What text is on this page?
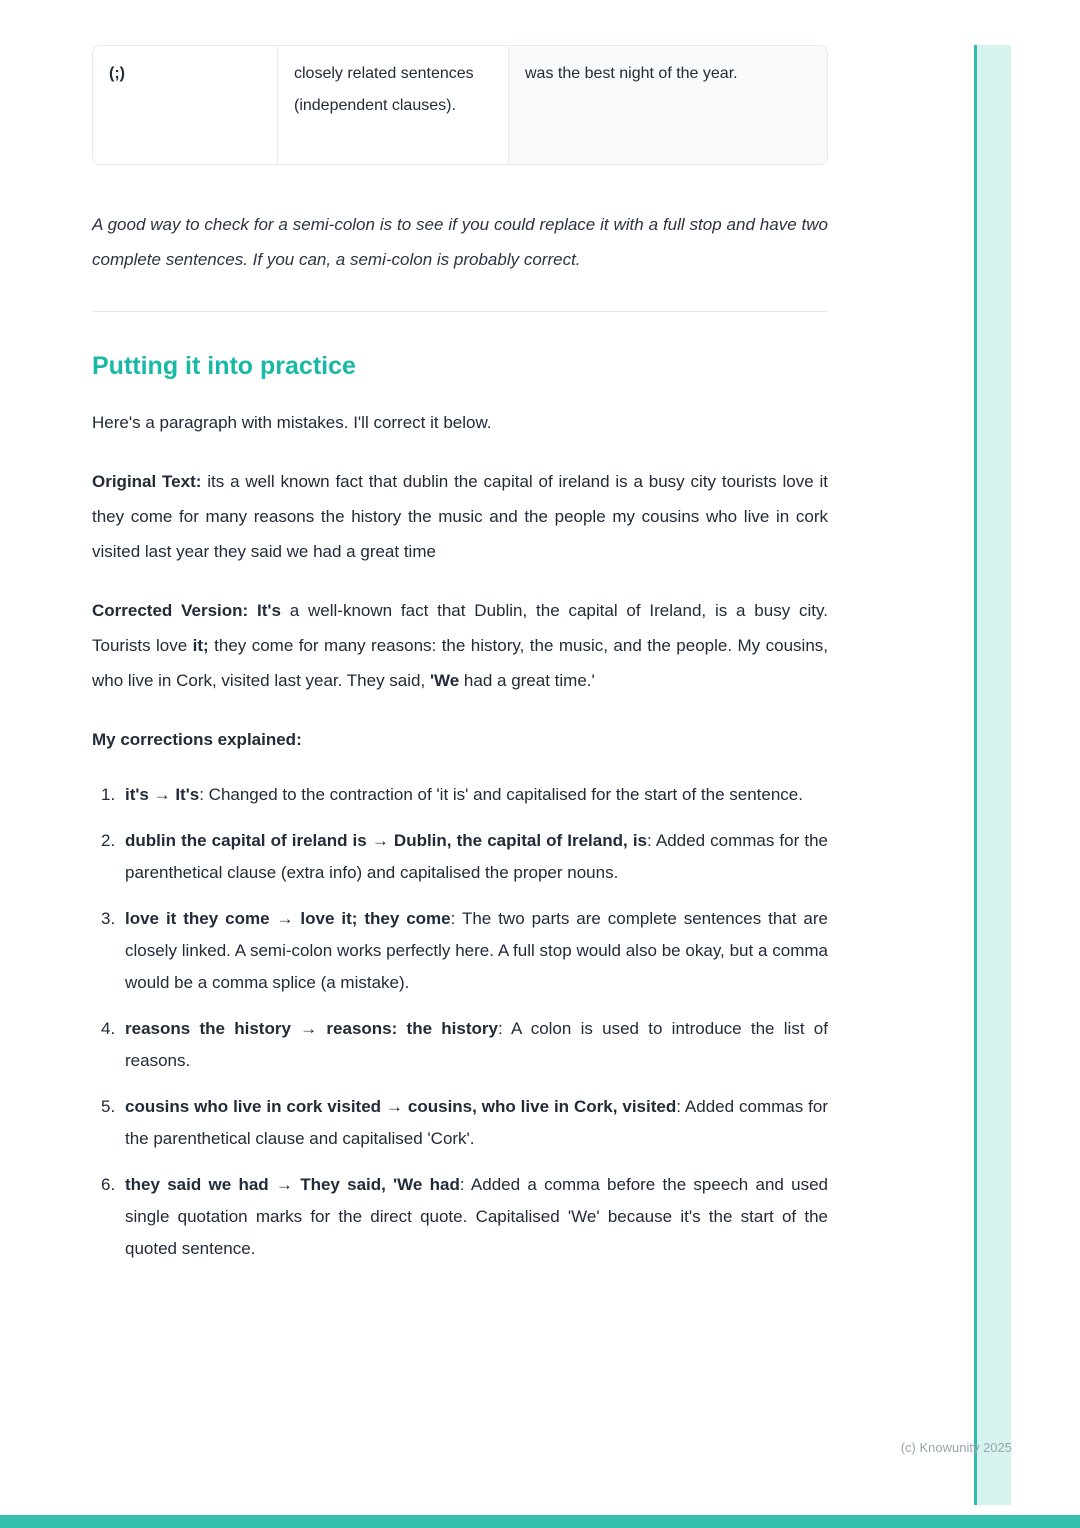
(;)	closely related sentences (independent clauses).
was the best night of the year.

A good way to check for a semi-colon is to see if you could replace it with a full stop and have two complete sentences. If you can, a semi-colon is probably correct.

Putting it into practice

Here's a paragraph with mistakes. I'll correct it below.

Original Text: its a well known fact that dublin the capital of ireland is a busy city tourists love it they come for many reasons the history the music and the people my cousins who live in cork visited last year they said we had a great time

Corrected Version: It's a well-known fact that Dublin, the capital of Ireland, is a busy city. Tourists love it; they come for many reasons: the history, the music, and the people. My cousins, who live in Cork, visited last year. They said, 'We had a great time.'

My corrections explained:

1. it's → It's: Changed to the contraction of 'it is' and capitalised for the start of the sentence.
2. dublin the capital of ireland is → Dublin, the capital of Ireland, is: Added commas for the parenthetical clause (extra info) and capitalised the proper nouns.
3. love it they come → love it; they come: The two parts are complete sentences that are closely linked. A semi-colon works perfectly here. A full stop would also be okay, but a comma would be a comma splice (a mistake).
4. reasons the history → reasons: the history: A colon is used to introduce the list of reasons.
5. cousins who live in cork visited → cousins, who live in Cork, visited: Added commas for the parenthetical clause and capitalised 'Cork'.
6. they said we had → They said, 'We had: Added a comma before the speech and used single quotation marks for the direct quote. Capitalised 'We' because it's the start of the quoted sentence.
(c) Knowunity 2025
